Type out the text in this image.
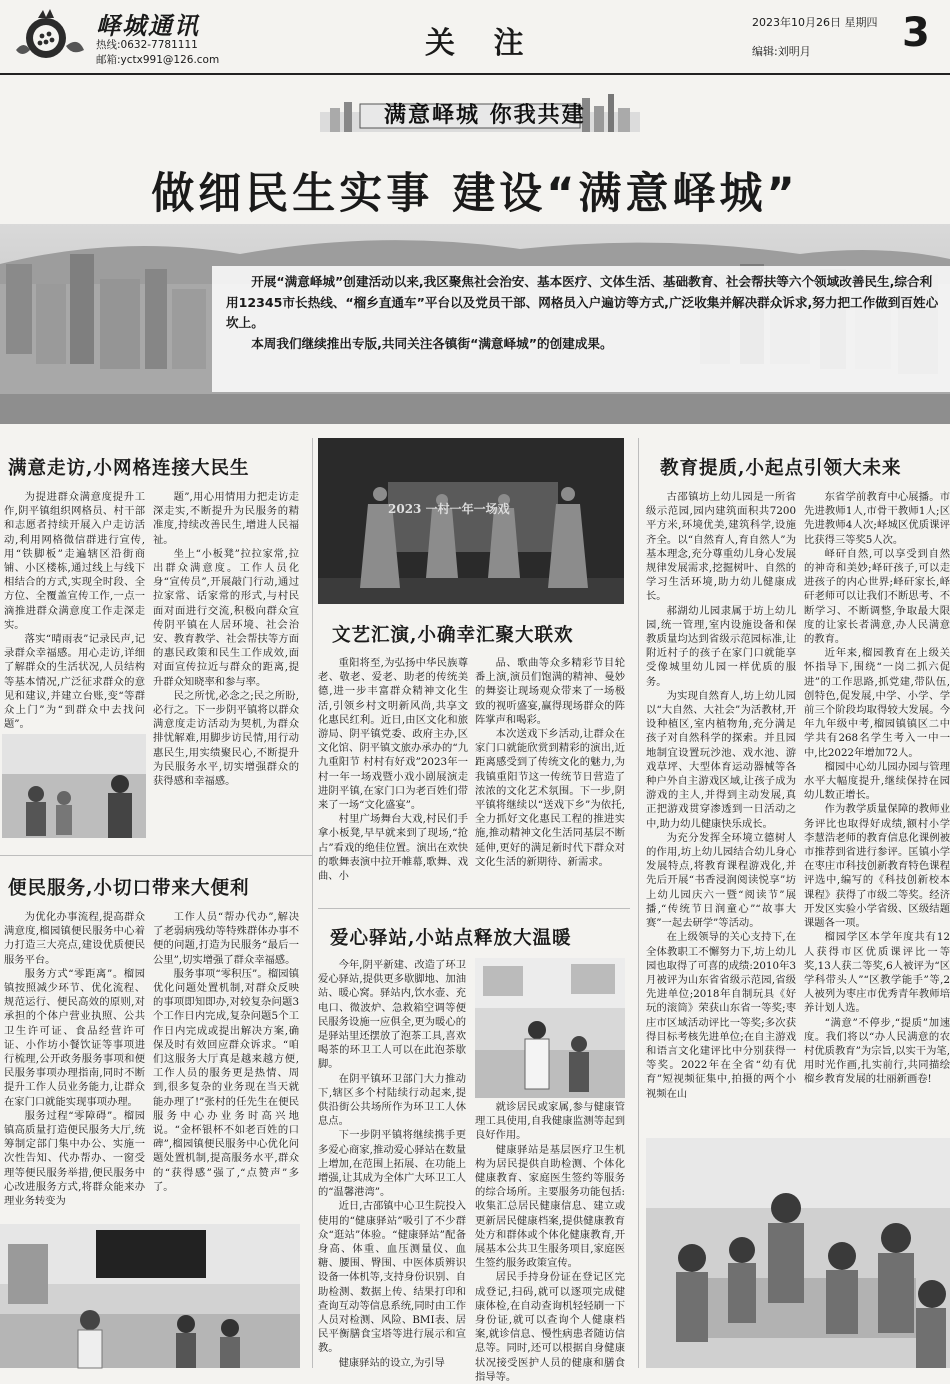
峄城通讯
热线:0632-7781111
邮箱:yctx991@126.com	关 注
2023年10月26日 星期四
编辑:刘明月 3
满意峄城 你我共建
做细民生实事 建设“满意峄城”

开展“满意峄城”创建活动以来,我区聚焦社会治安、基本医疗、文体生活、基础教育、社会帮扶等六个领域改善民生,综合利用12345市长热线、“榴乡直通车”平台以及党员干部、网格员入户遍访等方式,广泛收集并解决群众诉求,努力把工作做到百姓心坎上。

本周我们继续推出专版,共同关注各镇街“满意峄城”的创建成果。

满意走访,小网格连接大民生

为提进群众满意度提升工作,阴平镇组织网格员、村干部和志愿者持续开展入户走访活动,利用网格微信群进行宣传,用“铁脚板”走遍辖区沿街商铺、小区楼栋,通过线上与线下相结合的方式,实现全时段、全方位、全覆盖宣传工作,一点一滴推进群众满意度工作走深走实。

落实“晴雨表”记录民声,记录群众幸福感。用心走访,详细了解群众的生活状况,人员结构等基本情况,广泛征求群众的意见和建议,并建立台账,变“等群众上门”为“到群众中去找问题”。

题”,用心用情用力把走访走深走实,不断提升为民服务的精准度,持续改善民生,增进人民福祉。

坐上“小板凳”拉拉家常,拉出群众满意度。工作人员化身“宣传员”,开展敲门行动,通过拉家常、话家常的形式,与村民面对面进行交流,积极向群众宣传阴平镇在人居环境、社会治安、教育教学、社会帮扶等方面的惠民政策和民生工作成效,面对面宣传拉近与群众的距离,提升群众知晓率和参与率。

民之所忧,必念之;民之所盼,必行之。下一步阴平镇将以群众满意度走访活动为契机,为群众排忧解难,用脚步访民情,用行动惠民生,用实绩聚民心,不断提升为民服务水平,切实增强群众的获得感和幸福感。

便民服务,小切口带来大便利

为优化办事流程,提高群众满意度,榴园镇便民服务中心着力打造三大亮点,建设优质便民服务平台。

服务方式“零距离”。榴园镇按照减少环节、优化流程、规范运行、便民高效的原则,对承担的个体户营业执照、公共卫生许可证、食品经营许可证、小作坊小餐饮证等事项进行梳理,公开政务服务事项和便民服务事项办理指南,同时不断提升工作人员业务能力,让群众在家门口就能实现事项办理。

服务过程“零障碍”。榴园镇高质量打造便民服务大厅,统筹制定部门集中办公、实施一次性告知、代办帮办、一窗受理等便民服务举措,便民服务中心改进服务方式,将群众能来办理业务转变为

工作人员“帮办代办”,解决了老弱病残幼等特殊群体办事不便的问题,打造为民服务“最后一公里”,切实增强了群众幸福感。

服务事项“零积压”。榴园镇优化问题处置机制,对群众反映的事项即知即办,对较复杂问题3个工作日内完成,复杂问题5个工作日内完成或提出解决方案,确保及时有效回应群众诉求。“咱们这服务大厅真是越来越方便,工作人员的服务更是热情、周到,很多复杂的业务现在当天就能办理了!”张村的任先生在便民服务中心办业务时高兴地说。“金杯银杯不如老百姓的口碑”,榴园镇便民服务中心优化问题处置机制,提高服务水平,群众的“获得感”强了,“点赞声”多了。

2023 一村一年一场戏
文艺汇演,小确幸汇聚大联欢

重阳将至,为弘扬中华民族尊老、敬老、爱老、助老的传统美德,进一步丰富群众精神文化生活,引领乡村文明新风尚,共享文化惠民红利。近日,由区文化和旅游局、阴平镇党委、政府主办,区文化馆、阴平镇文旅办承办的“九九重阳节 村村有好戏”2023年一村一年一场戏暨小戏小剧展演走进阴平镇,在家门口为老百姓们带来了一场“文化盛宴”。

村里广场舞台大戏,村民们手拿小板凳,早早就来到了现场,“抢占”看戏的绝佳位置。演出在欢快的歌舞表演中拉开帷幕,歌舞、戏曲、小

品、歌曲等众多精彩节目轮番上演,演员们饱满的精神、曼妙的舞姿让现场观众带来了一场极致的视听盛宴,赢得现场群众的阵阵掌声和喝彩。

本次送戏下乡活动,让群众在家门口就能欣赏到精彩的演出,近距离感受到了传统文化的魅力,为我镇重阳节这一传统节日营造了浓浓的文化艺术氛围。下一步,阴平镇将继续以“送戏下乡”为依托,全力抓好文化惠民工程的推进实施,推动精神文化生活同基层不断延伸,更好的满足新时代下群众对文化生活的新期待、新需求。

爱心驿站,小站点释放大温暖

今年,阴平新建、改造了环卫爱心驿站,提供更多歇脚地、加油站、暖心窝。驿站内,饮水壶、充电口、微波炉、急救箱空调等便民服务设施一应俱全,更为暖心的是驿站里还摆放了泡茶工具,喜欢喝茶的环卫工人可以在此泡茶歇脚。

在阴平镇环卫部门大力推动下,辖区多个村陆续行动起来,提供沿街公共场所作为环卫工人休息点。

下一步阴平镇将继续携手更多爱心商家,推动爱心驿站在数量上增加,在范围上拓展、在功能上增强,让其成为全体广大环卫工人的“温馨港湾”。

近日,古邵镇中心卫生院投入使用的“健康驿站”吸引了不少群众“逛站”体验。“健康驿站”配备身高、体重、血压测量仪、血糖、腰围、臀围、中医体质辨识设备一体机等,支持身份识别、自助检测、数据上传、结果打印和查询互动等信息系统,同时由工作人员对检测、风险、BMI表、居民平衡膳食宝塔等进行展示和宣教。

健康驿站的设立,为引导

就诊居民或家属,参与健康管理工具使用,自我健康监测等起到良好作用。

健康驿站是基层医疗卫生机构为居民提供自助检测、个体化健康教育、家庭医生签约等服务的综合场所。主要服务功能包括:收集汇总居民健康信息、建立或更新居民健康档案,提供健康教育处方和群体或个体化健康教育,开展基本公共卫生服务项目,家庭医生签约服务政策宣传。

居民手持身份证在登记区完成登记,扫码,就可以逐项完成健康体检,在自动查询机轻轻刷一下身份证,就可以查询个人健康档案,就诊信息、慢性病患者随访信息等。同时,还可以根据自身健康状况接受医护人员的健康和膳食指导等。

教育提质,小起点引领大未来

古邵镇坊上幼儿园是一所省级示范园,园内建筑面积共7200平方米,环境优美,建筑科学,设施齐全。以“自然育人,育自然人”为基本理念,充分尊重幼儿身心发展规律发展需求,挖掘树叶、自然的学习生活环境,助力幼儿健康成长。

郝湖幼儿园隶属于坊上幼儿园,统一管理,室内设施设备和保教质量均达到省级示范园标准,让附近村子的孩子在家门口就能享受像城里幼儿园一样优质的服务。

为实现自然育人,坊上幼儿园以“大自然、大社会”为活教材,开设种植区,室内植物角,充分满足孩子对自然科学的探索。并且园地制宜设置玩沙池、戏水池、游戏草坪、大型体育运动器械等各种户外自主游戏区域,让孩子成为游戏的主人,并得到主动发展,真正把游戏贯穿渗透到一日活动之中,助力幼儿健康快乐成长。

为充分发挥全环境立德树人的作用,坊上幼儿园结合幼儿身心发展特点,将教育课程游戏化,并先后开展“书香浸润阅读悦享”坊上幼儿园庆六一暨“阅读节”展播,“传统节日润童心”“故事大赛”一起去研学”等活动。

在上级领导的关心支持下,在全体教职工不懈努力下,坊上幼儿园也取得了可喜的成绩:2010年3月被评为山东省省级示范园,省级先进单位;2018年自制玩具《好玩的滚筒》荣获山东省一等奖;枣庄市区域活动评比一等奖;多次获得目标考核先进单位;在自主游戏和语言文化建评比中分别获得一等奖。2022年在全省“幼有优育”短视频征集中,拍摄的两个小视频在山

东省学前教育中心展播。市先进教师1人,市骨干教师1人;区先进教师4人次;峄城区优质课评比获得三等奖5人次。

峄矸自然,可以享受到自然的神奇和美妙;峄矸孩子,可以走进孩子的内心世界;峄矸家长,峄矸老师可以让我们不断思考、不断学习、不断调整,争取最大限度的让家长者满意,办人民满意的教育。

近年来,榴园教育在上级关怀指导下,围绕“一岗二抓六促进”的工作思路,抓党建,带队伍,创特色,促发展,中学、小学、学前三个阶段均取得较大发展。今年九年级中考,榴园镇镇区二中学共有268名学生考入一中一中,比2022年增加72人。

榴园中心幼儿园办园与管理水平大幅度提升,继续保持在园幼儿数正增长。

作为教学质量保障的教师业务评比也取得好成绩,额村小学李慧浩老师的教育信息化课例被市推荐到省进行参评。匡镇小学在枣庄市科技创新教育特色课程评选中,编写的《科技创新校本课程》获得了市级二等奖。经济开发区实验小学省级、区级结题课题各一项。

榴园学区本学年度共有12人获得市区优质课评比一等奖,13人获二等奖,6人被评为“区学科带头人”“区教学能手”等,2人被列为枣庄市优秀青年教师培养计划人选。

“满意”不停步,“提质”加速度。我们将以“办人民满意的农村优质教育”为宗旨,以实干为笔,用时光作画,扎实前行,共同描绘榴乡教育发展的壮丽新画卷!
